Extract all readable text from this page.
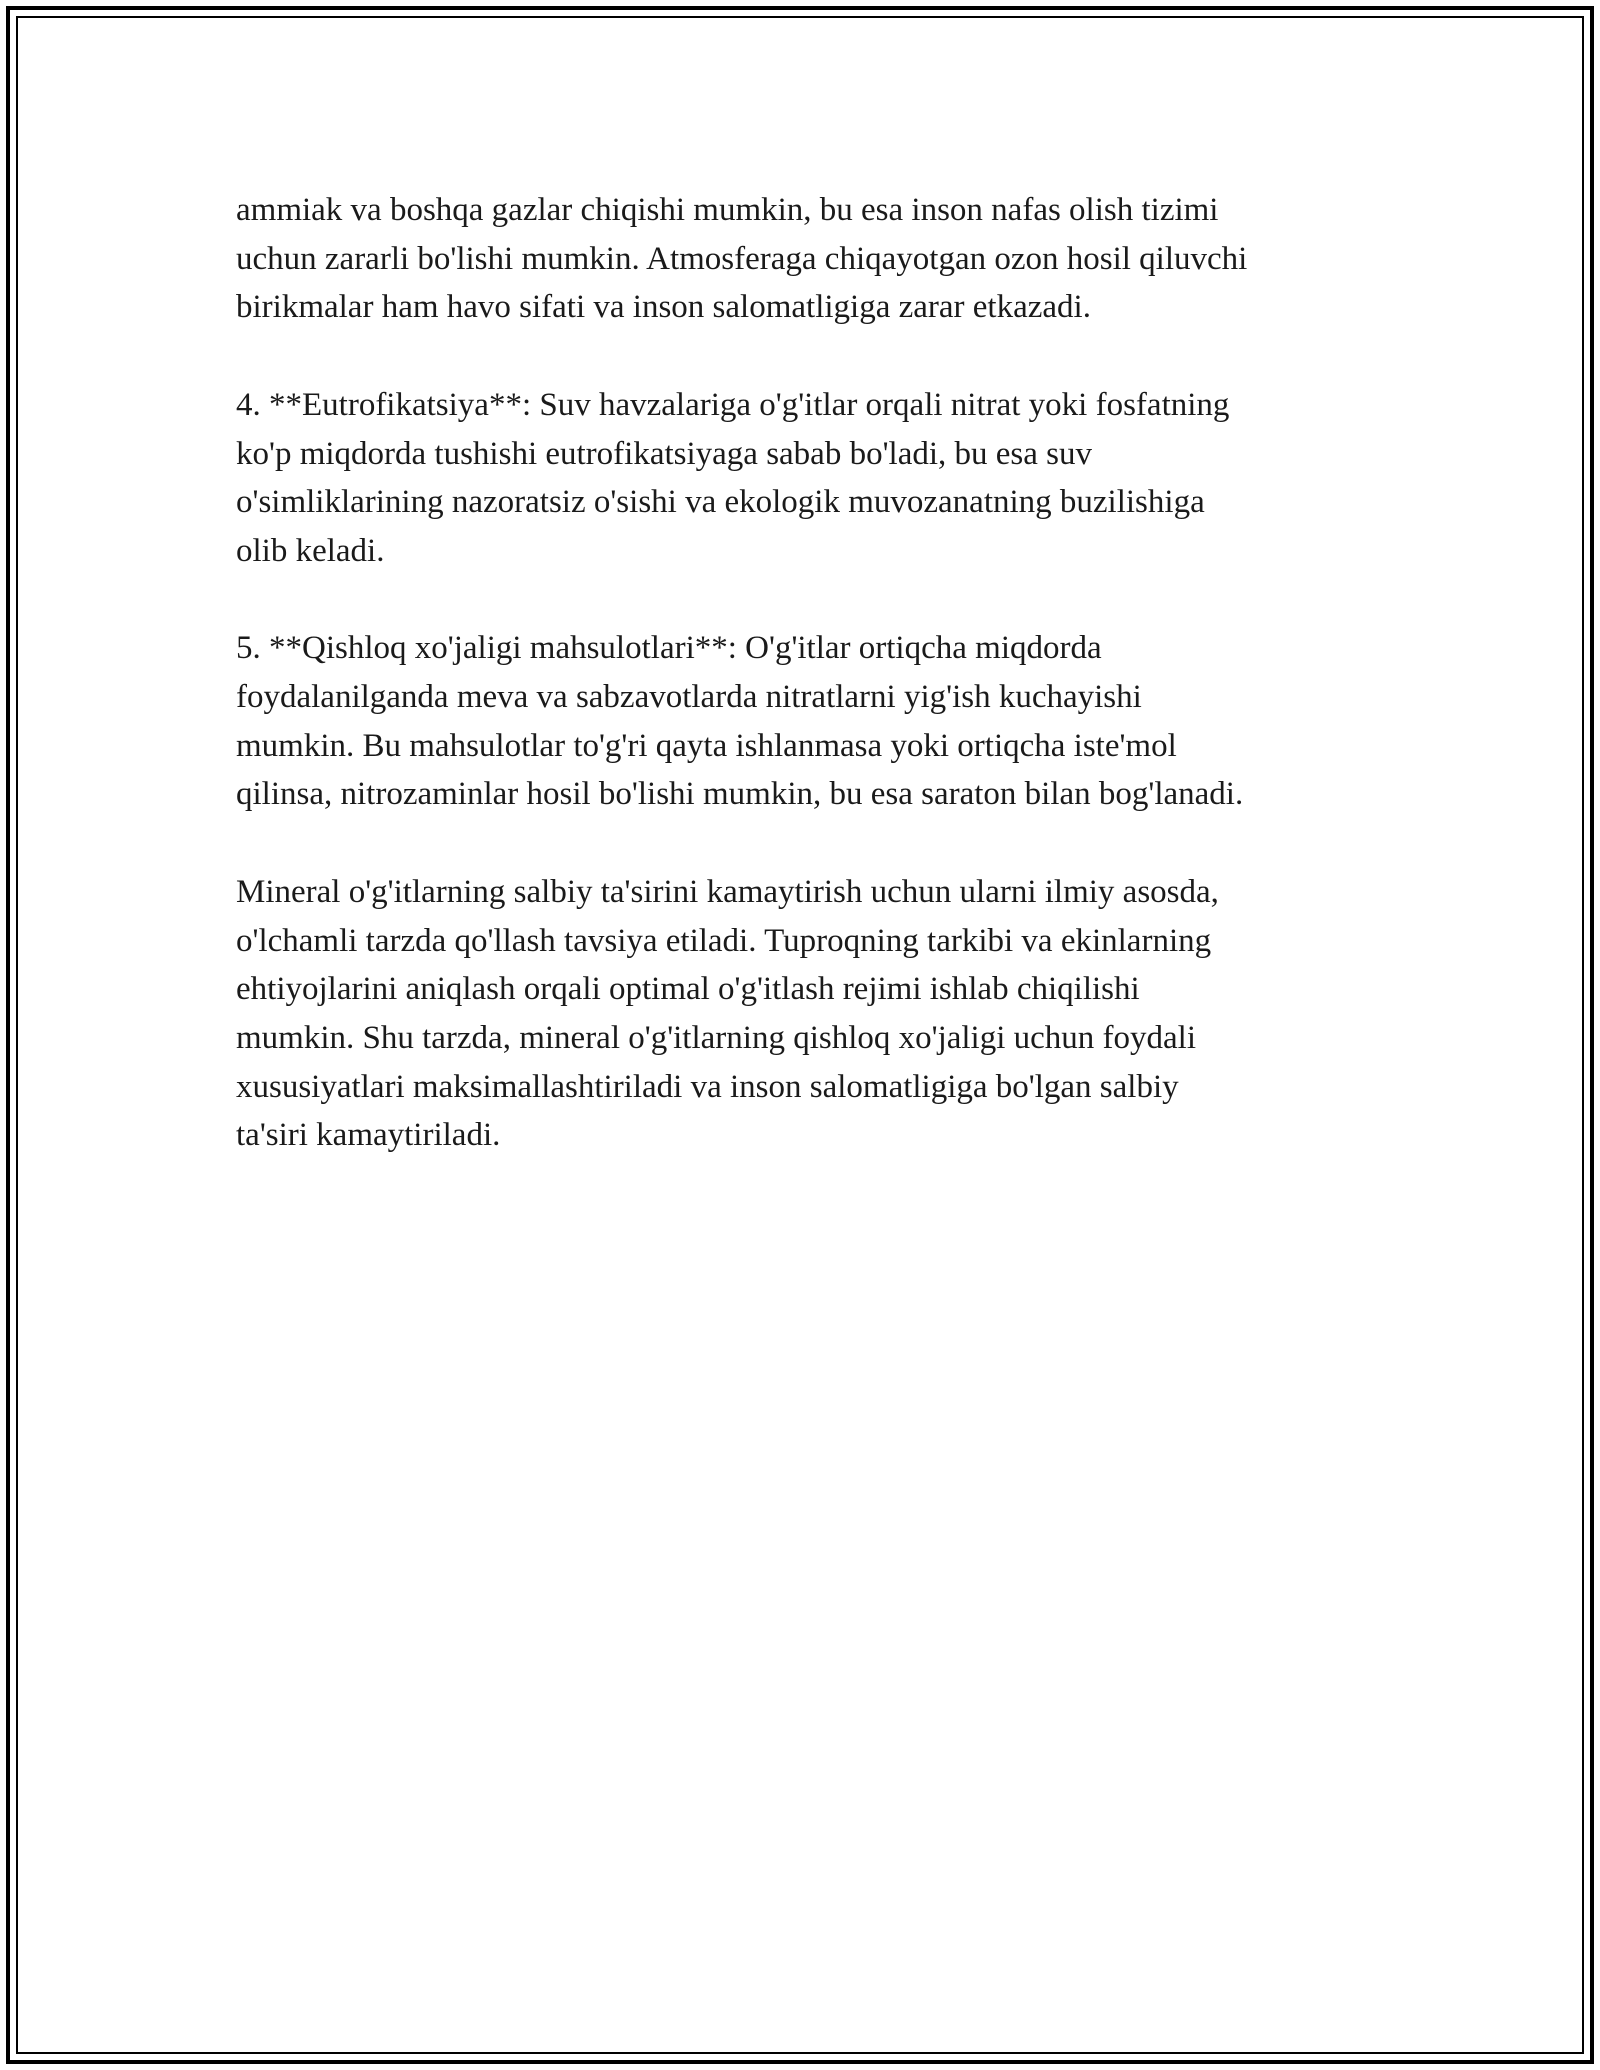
ammiak va boshqa gazlar chiqishi mumkin, bu esa inson nafas olish tizimi
uchun zararli bo'lishi mumkin. Atmosferaga chiqayotgan ozon hosil qiluvchi
birikmalar ham havo sifati va inson salomatligiga zarar etkazadi.

4. **Eutrofikatsiya**: Suv havzalariga o'g'itlar orqali nitrat yoki fosfatning
ko'p miqdorda tushishi eutrofikatsiyaga sabab bo'ladi, bu esa suv
o'simliklarining nazoratsiz o'sishi va ekologik muvozanatning buzilishiga
olib keladi.

5. **Qishloq xo'jaligi mahsulotlari**: O'g'itlar ortiqcha miqdorda
foydalanilganda meva va sabzavotlarda nitratlarni yig'ish kuchayishi
mumkin. Bu mahsulotlar to'g'ri qayta ishlanmasa yoki ortiqcha iste'mol
qilinsa, nitrozaminlar hosil bo'lishi mumkin, bu esa saraton bilan bog'lanadi.

Mineral o'g'itlarning salbiy ta'sirini kamaytirish uchun ularni ilmiy asosda,
o'lchamli tarzda qo'llash tavsiya etiladi. Tuproqning tarkibi va ekinlarning
ehtiyojlarini aniqlash orqali optimal o'g'itlash rejimi ishlab chiqilishi
mumkin. Shu tarzda, mineral o'g'itlarning qishloq xo'jaligi uchun foydali
xususiyatlari maksimallashtiriladi va inson salomatligiga bo'lgan salbiy
ta'siri kamaytiriladi.
